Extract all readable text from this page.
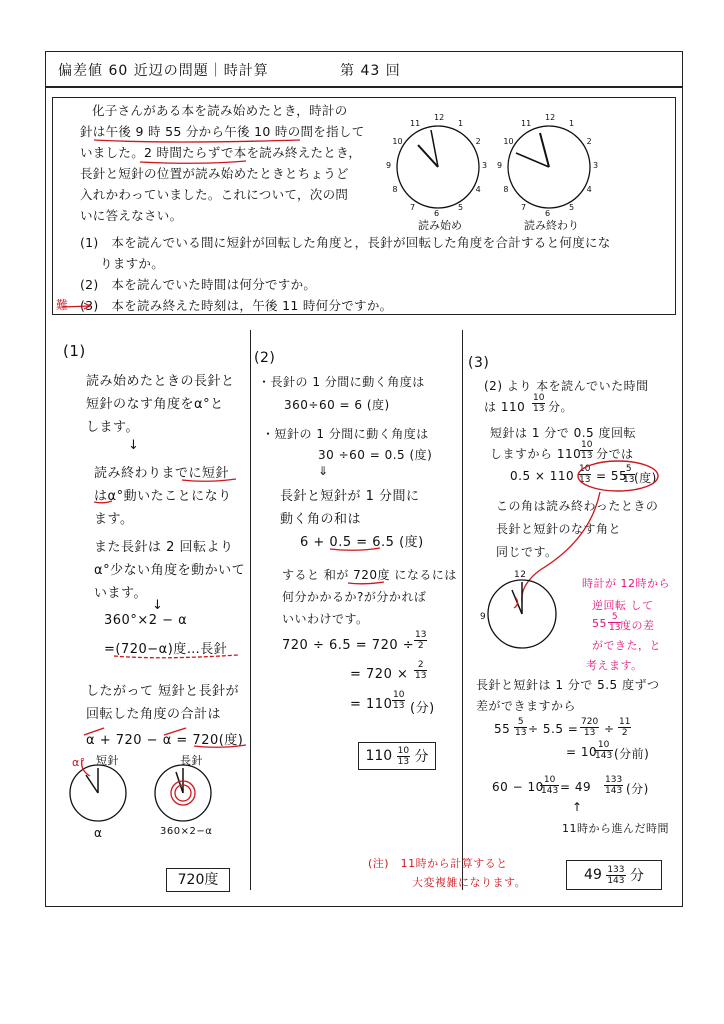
偏差値 60 近辺の問題｜時計算	第 43 回
化子さんがある本を読み始めたとき，時計の
針は午後 9 時 55 分から午後 10 時の間を指して
いました。2 時間たらずで本を読み終えたとき，
長針と短針の位置が読み始めたときとちょうど
入れかわっていました。これについて，次の問
いに答えなさい。
(1)　本を読んでいる間に短針が回転した角度と，長針が回転した角度を合計すると何度にな
りますか。
(2)　本を読んでいた時間は何分ですか。
(3)　本を読み終えた時刻は，午後 11 時何分ですか。
難
12
1
2
3
4
5
6
7
8
9
10
11
12
1
2
3
4
5
6
7
8
9
10
11
読み始め	読み終わり
(1)
読み始めたときの長針と
短針のなす角度をα°と
します。
↓
読み終わりまでに短針
はα°動いたことになり
ます。
また長針は 2 回転より
α°少ない角度を動かいて
います。
↓
360°×2 − α
=(720−α)度…長針
したがって 短針と長針が
回転した角度の合計は
α + 720 − α = 720(度)
短針	長針
α°
α	360×2−α
720度
(2)
・長針の 1 分間に動く角度は
360÷60 = 6 (度)
・短針の 1 分間に動く角度は
30 ÷60 = 0.5 (度)
⇓
長針と短針が 1 分間に
動く角の和は
6 + 0.5 = 6.5 (度)
すると 和が 720度 になるには
何分かかるか?が分かれば
いいわけです。
$720 \div 6.5 = 720 \div \frac{13}{2}$
= $720 \times \frac{2}{13}$
= $110 \frac{10}{13}$ (分)
$110 \frac{10}{13}$ 分
(3)
(2) より 本を読んでいた時間
は $110 \frac{10}{13}$ 分。
短針は 1 分で 0.5 度回転
しますから 110
$\frac{10}{13}$ 分では
$0.5 \times 110 \frac{10}{13} = 55$
$\frac{5}{13}$
(度)
この角は読み終わったときの
長針と短針のなす角と
同じです。
12
9
時計が 12時から
逆回転 して
$55 \frac{5}{13}$
度の差
ができた，と
考えます。
長針と短針は 1 分で 5.5 度ずつ
差ができますから
$55 \frac{5}{13} \div 5.5 = \frac{720}{13} \div \frac{11}{2}$
= 10
$\frac{10}{143}$ (分前)
60 − 10
$\frac{10}{143} = 49 \frac{133}{143}$ (分)
↑
11時から進んだ時間
(注)　11時から計算すると
大変複雑になります。	$49 \frac{133}{143}$ 分
